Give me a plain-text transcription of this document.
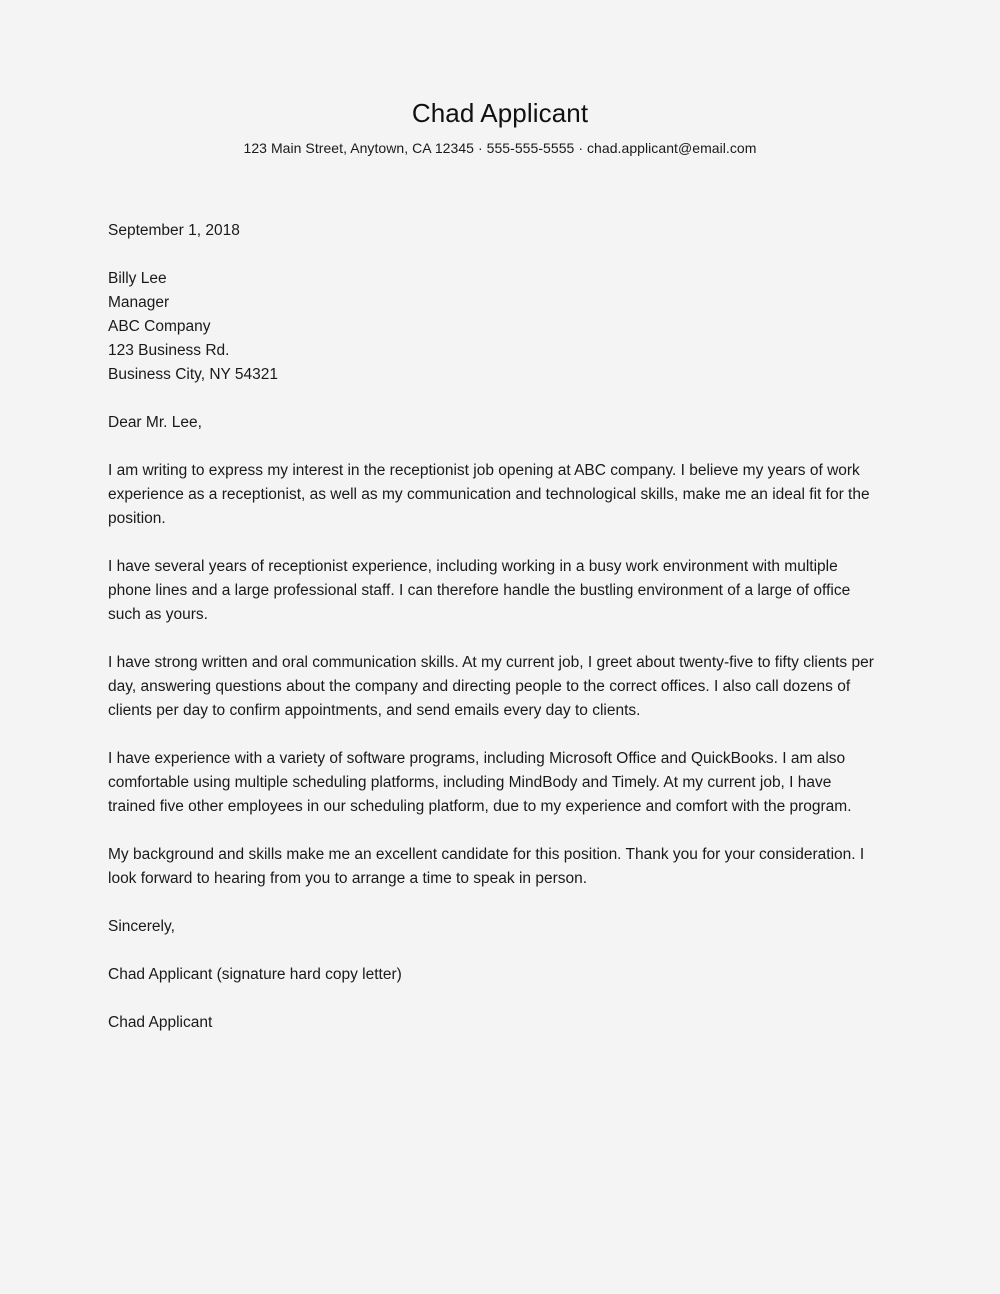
Chad Applicant

123 Main Street, Anytown, CA 12345 · 555-555-5555 · chad.applicant@email.com

September 1, 2018

Billy Lee
Manager
ABC Company
123 Business Rd.
Business City, NY 54321

Dear Mr. Lee,

I am writing to express my interest in the receptionist job opening at ABC company. I believe my years of work experience as a receptionist, as well as my communication and technological skills, make me an ideal fit for the position.

I have several years of receptionist experience, including working in a busy work environment with multiple phone lines and a large professional staff. I can therefore handle the bustling environment of a large of office such as yours.

I have strong written and oral communication skills. At my current job, I greet about twenty-five to fifty clients per day, answering questions about the company and directing people to the correct offices. I also call dozens of clients per day to confirm appointments, and send emails every day to clients.

I have experience with a variety of software programs, including Microsoft Office and QuickBooks. I am also comfortable using multiple scheduling platforms, including MindBody and Timely. At my current job, I have trained five other employees in our scheduling platform, due to my experience and comfort with the program.

My background and skills make me an excellent candidate for this position. Thank you for your consideration. I look forward to hearing from you to arrange a time to speak in person.

Sincerely,

Chad Applicant (signature hard copy letter)

Chad Applicant
